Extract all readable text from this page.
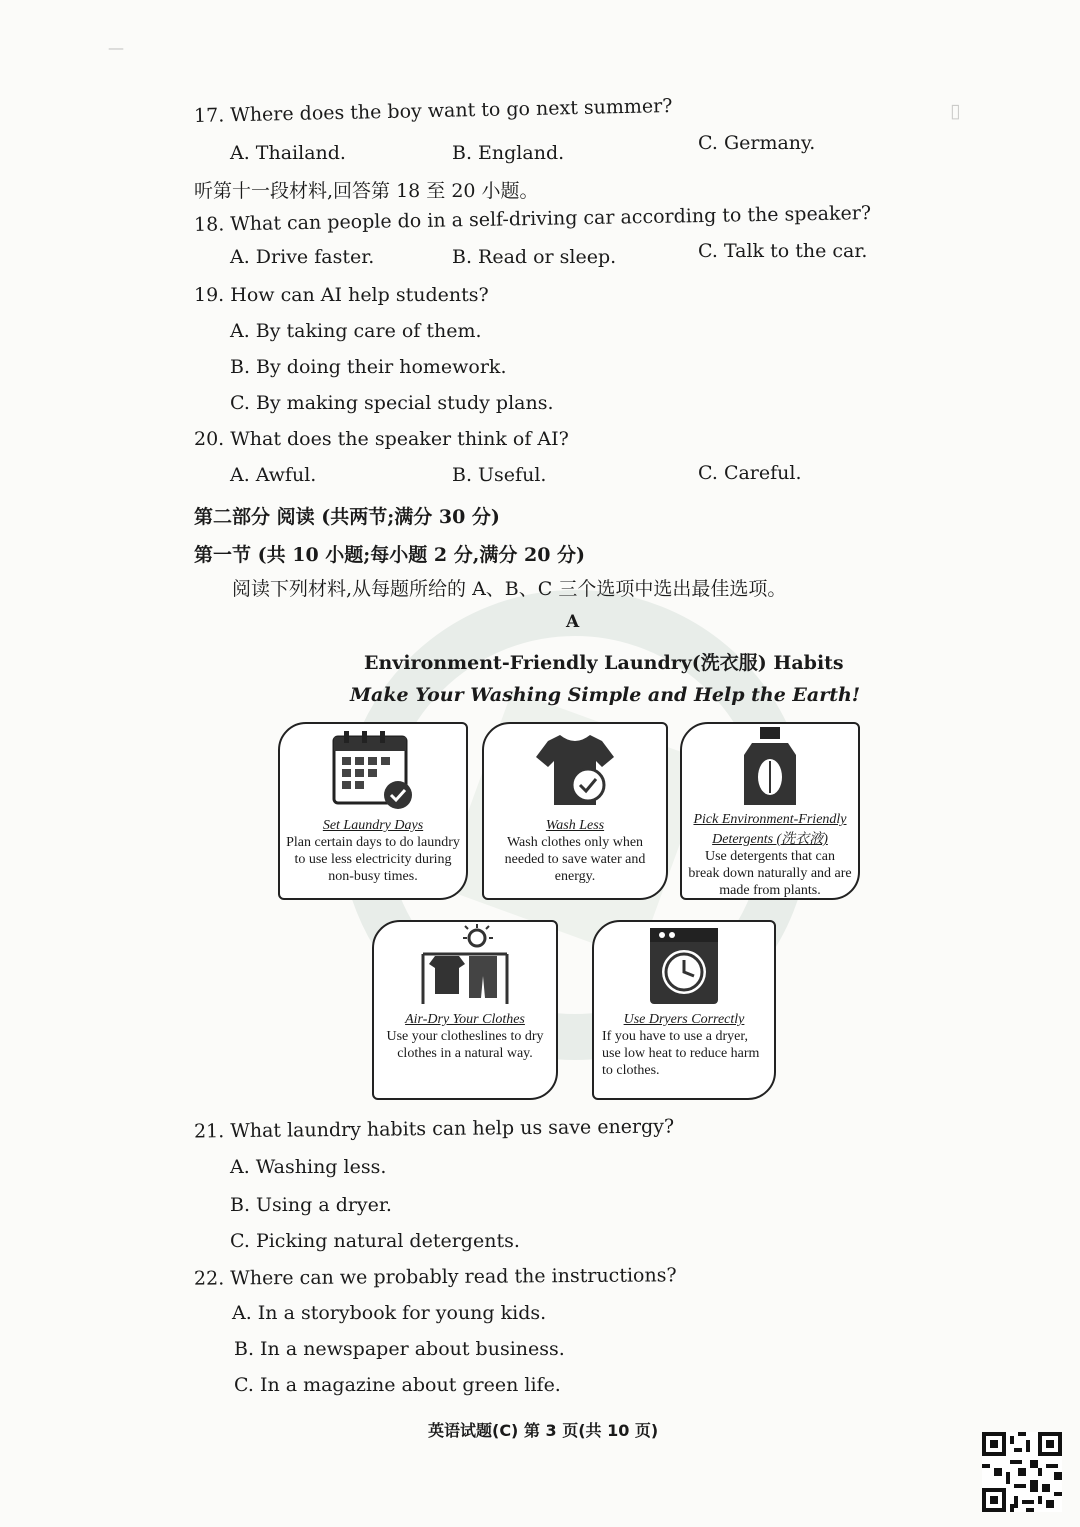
▯
—
17. Where does the boy want to go next summer?
A. Thailand.	B. England.	C. Germany.
听第十一段材料,回答第 18 至 20 小题。
18. What can people do in a self-driving car according to the speaker?
A. Drive faster.	B. Read or sleep.	C. Talk to the car.
19. How can AI help students?
A. By taking care of them.
B. By doing their homework.
C. By making special study plans.
20. What does the speaker think of AI?
A. Awful.	B. Useful.	C. Careful.
第二部分 阅读 (共两节;满分 30 分)
第一节 (共 10 小题;每小题 2 分,满分 20 分)
阅读下列材料,从每题所给的 A、B、C 三个选项中选出最佳选项。
A
Environment-Friendly Laundry(洗衣服) Habits
Make Your Washing Simple and Help the Earth!
Set Laundry Days
Plan certain days to do laundry to use less electricity during non-busy times.
Wash Less
Wash clothes only when needed to save water and energy.
Pick Environment-Friendly Detergents (洗衣液)
Use detergents that can break down naturally and are made from plants.
Air-Dry Your Clothes
Use your clotheslines to dry clothes in a natural way.
Use Dryers Correctly
If you have to use a dryer, use low heat to reduce harm to clothes.
21. What laundry habits can help us save energy?
A. Washing less.
B. Using a dryer.
C. Picking natural detergents.
22. Where can we probably read the instructions?
A. In a storybook for young kids.
B. In a newspaper about business.
C. In a magazine about green life.
英语试题(C) 第 3 页(共 10 页)
